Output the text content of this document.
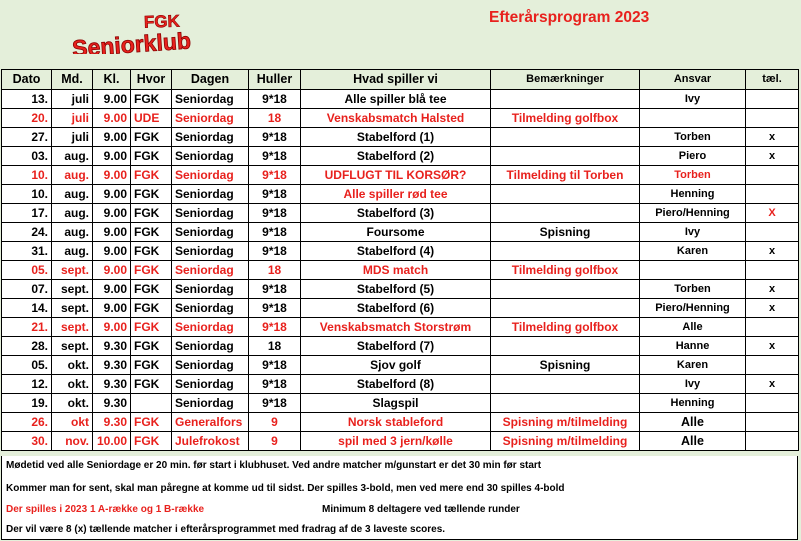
FGK
Seniorklub
Efterårsprogram 2023
Dato	Md.	Kl.	Hvor	Dagen	Huller	Hvad spiller vi	Bemærkninger	Ansvar	tæl.
13.	juli	9.00	FGK	Seniordag	9*18	Alle spiller blå tee		Ivy	
20.	juli	9.00	UDE	Seniordag	18	Venskabsmatch Halsted	Tilmelding golfbox		
27.	juli	9.00	FGK	Seniordag	9*18	Stabelford (1)		Torben	x
03.	aug.	9.00	FGK	Seniordag	9*18	Stabelford (2)		Piero	x
10.	aug.	9.00	FGK	Seniordag	9*18	UDFLUGT TIL KORSØR?	Tilmelding til Torben	Torben	
10.	aug.	9.00	FGK	Seniordag	9*18	Alle spiller rød tee		Henning	
17.	aug.	9.00	FGK	Seniordag	9*18	Stabelford (3)		Piero/Henning	X
24.	aug.	9.00	FGK	Seniordag	9*18	Foursome	Spisning	Ivy	
31.	aug.	9.00	FGK	Seniordag	9*18	Stabelford (4)		Karen	x
05.	sept.	9.00	FGK	Seniordag	18	MDS match	Tilmelding golfbox		
07.	sept.	9.00	FGK	Seniordag	9*18	Stabelford (5)		Torben	x
14.	sept.	9.00	FGK	Seniordag	9*18	Stabelford (6)		Piero/Henning	x
21.	sept.	9.00	FGK	Seniordag	9*18	Venskabsmatch Storstrøm	Tilmelding golfbox	Alle	
28.	sept.	9.30	FGK	Seniordag	18	Stabelford (7)		Hanne	x
05.	okt.	9.30	FGK	Seniordag	9*18	Sjov golf	Spisning	Karen	
12.	okt.	9.30	FGK	Seniordag	9*18	Stabelford (8)		Ivy	x
19.	okt.	9.30		Seniordag	9*18	Slagspil		Henning	
26.	okt	9.30	FGK	Generalfors	9	Norsk stableford	Spisning m/tilmelding	Alle	
30.	nov.	10.00	FGK	Julefrokost	9	spil med 3 jern/kølle	Spisning m/tilmelding	Alle	
Mødetid ved alle Seniordage er 20 min. før start i klubhuset. Ved andre matcher m/gunstart er det 30 min før start
Kommer man for sent, skal man påregne at komme ud til sidst. Der spilles 3-bold, men ved mere end 30 spilles 4-bold
Der spilles i 2023 1 A-række og 1 B-række	Minimum 8 deltagere ved tællende runder
Der vil være 8 (x) tællende matcher i efterårsprogrammet med fradrag af de 3 laveste scores.
